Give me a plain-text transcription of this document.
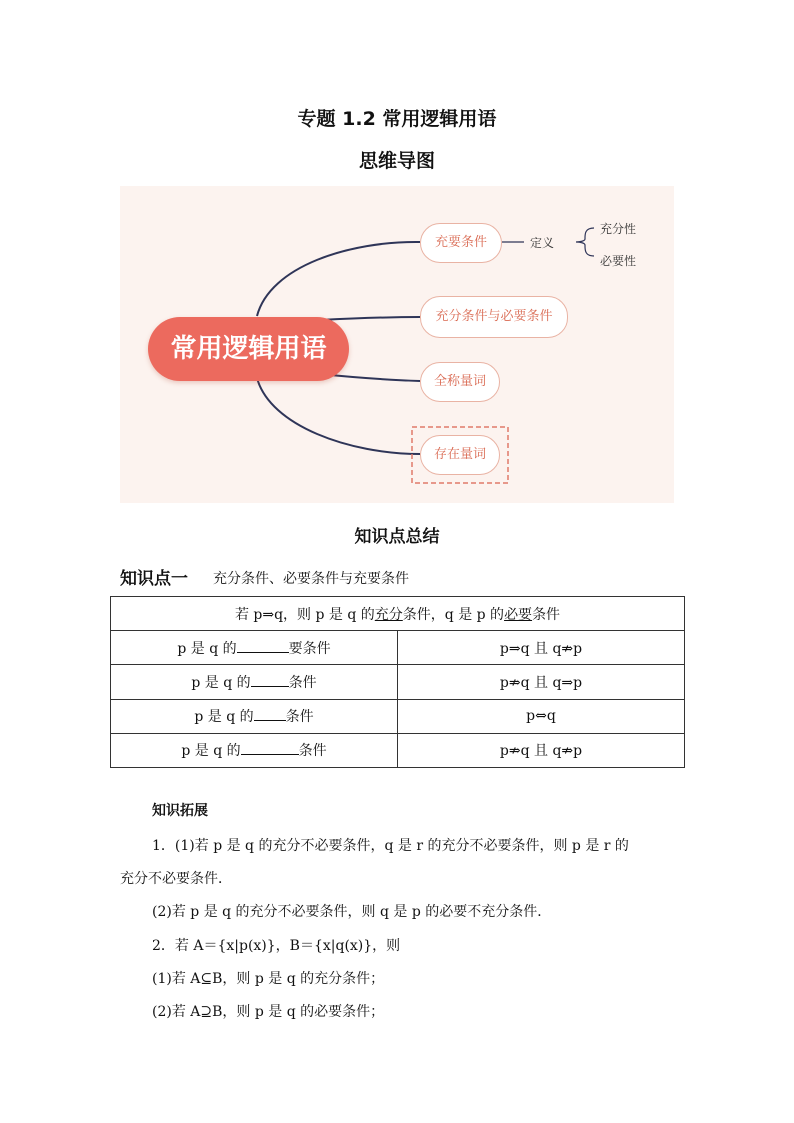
专题 1.2 常用逻辑用语
思维导图
常用逻辑用语
充要条件
充分条件与必要条件
全称量词
存在量词
定义
充分性
必要性
知识点总结
知识点一 充分条件、必要条件与充要条件
若 p⇒q，则 p 是 q 的充分条件，q 是 p 的必要条件	
p 是 q 的 要条件	p⇒q 且 q⇏p
p 是 q 的 条件	p⇏q 且 q⇒p
p 是 q 的 条件	p⇔q
p 是 q 的 条件	p⇏q 且 q⇏p
知识拓展
1．(1)若 p 是 q 的充分不必要条件，q 是 r 的充分不必要条件，则 p 是 r 的
充分不必要条件．
(2)若 p 是 q 的充分不必要条件，则 q 是 p 的必要不充分条件．
2．若 A＝{x|p(x)}，B＝{x|q(x)}，则
(1)若 A⊆B，则 p 是 q 的充分条件；
(2)若 A⊇B，则 p 是 q 的必要条件；
